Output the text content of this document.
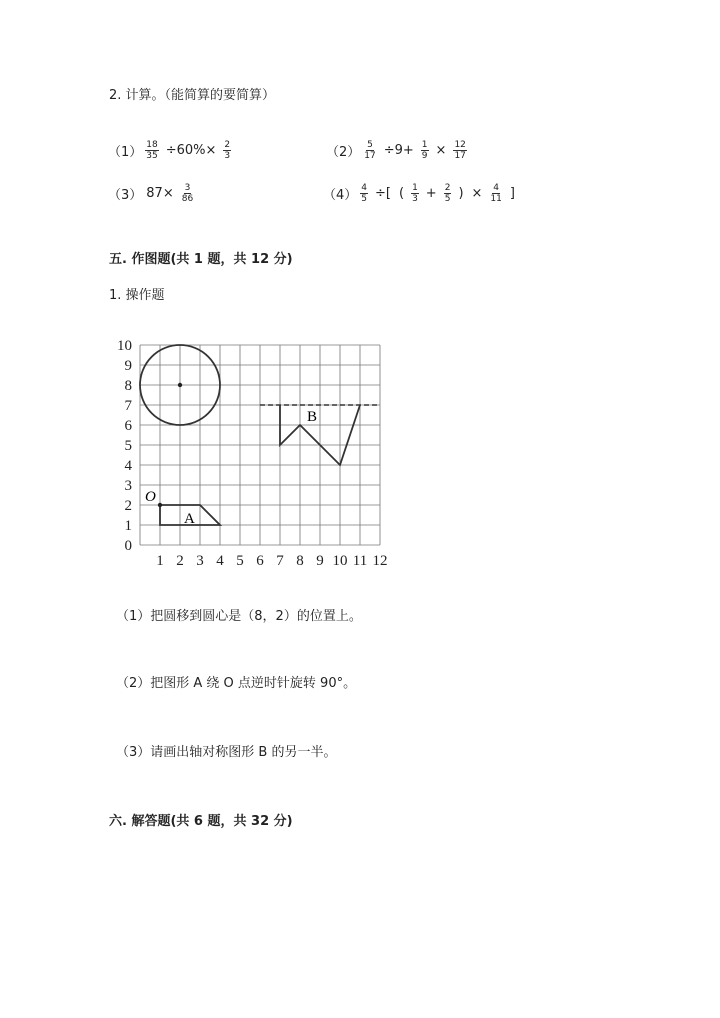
2. 计算。（能简算的要简算）
$(1) \frac{18}{35} \div 60\%\times \frac{2}{3}$	$(2) \frac{5}{17} \div 9+ \frac{1}{9} \times \frac{12}{17}$
（3） $87\times \frac{3}{86}$	$(4) \frac{4}{5}$ ÷[ ( $\frac{1}{3} + \frac{2}{5}$ ) × $\frac{4}{11}$ ]
五. 作图题(共 1 题，共 12 分)
1. 操作题
10
9
8
7
6
5
4
3
2
1
0
1 2 3 4 5 6 7 8 9 10 11 12
B
A
O
（1）把圆移到圆心是（8，2）的位置上。
（2）把图形 A 绕 O 点逆时针旋转 90°。
（3）请画出轴对称图形 B 的另一半。
六. 解答题(共 6 题，共 32 分)
